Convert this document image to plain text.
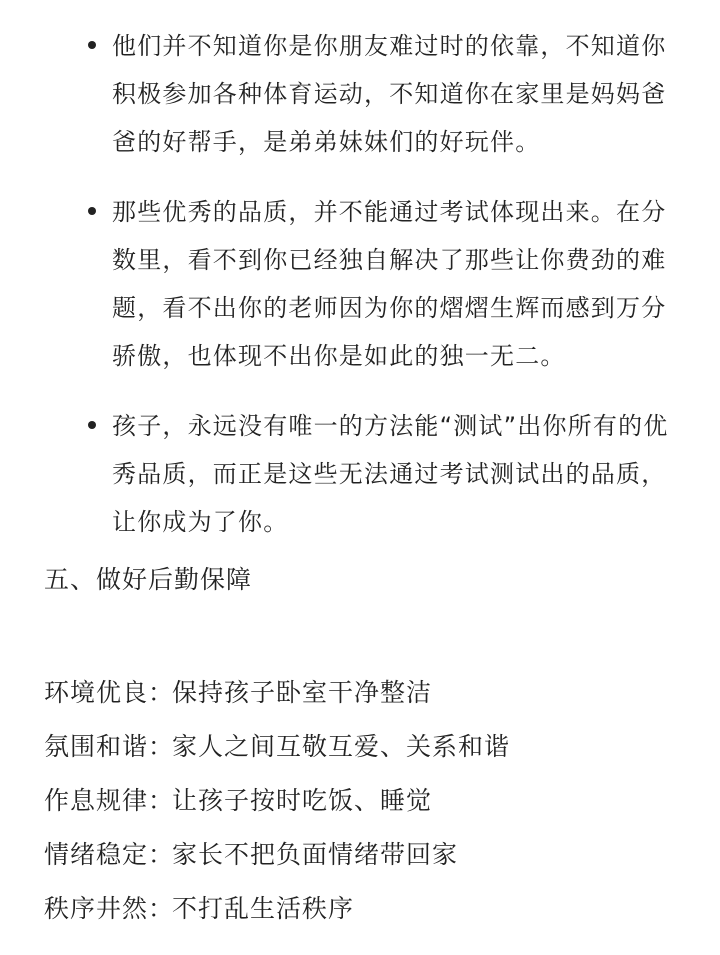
他们并不知道你是你朋友难过时的依靠，不知道你积极参加各种体育运动，不知道你在家里是妈妈爸爸的好帮手，是弟弟妹妹们的好玩伴。
那些优秀的品质，并不能通过考试体现出来。在分数里，看不到你已经独自解决了那些让你费劲的难题，看不出你的老师因为你的熠熠生辉而感到万分骄傲，也体现不出你是如此的独一无二。
孩子，永远没有唯一的方法能“测试”出你所有的优秀品质，而正是这些无法通过考试测试出的品质，让你成为了你。
五、做好后勤保障
环境优良：保持孩子卧室干净整洁
氛围和谐：家人之间互敬互爱、关系和谐
作息规律：让孩子按时吃饭、睡觉
情绪稳定：家长不把负面情绪带回家
秩序井然：不打乱生活秩序
